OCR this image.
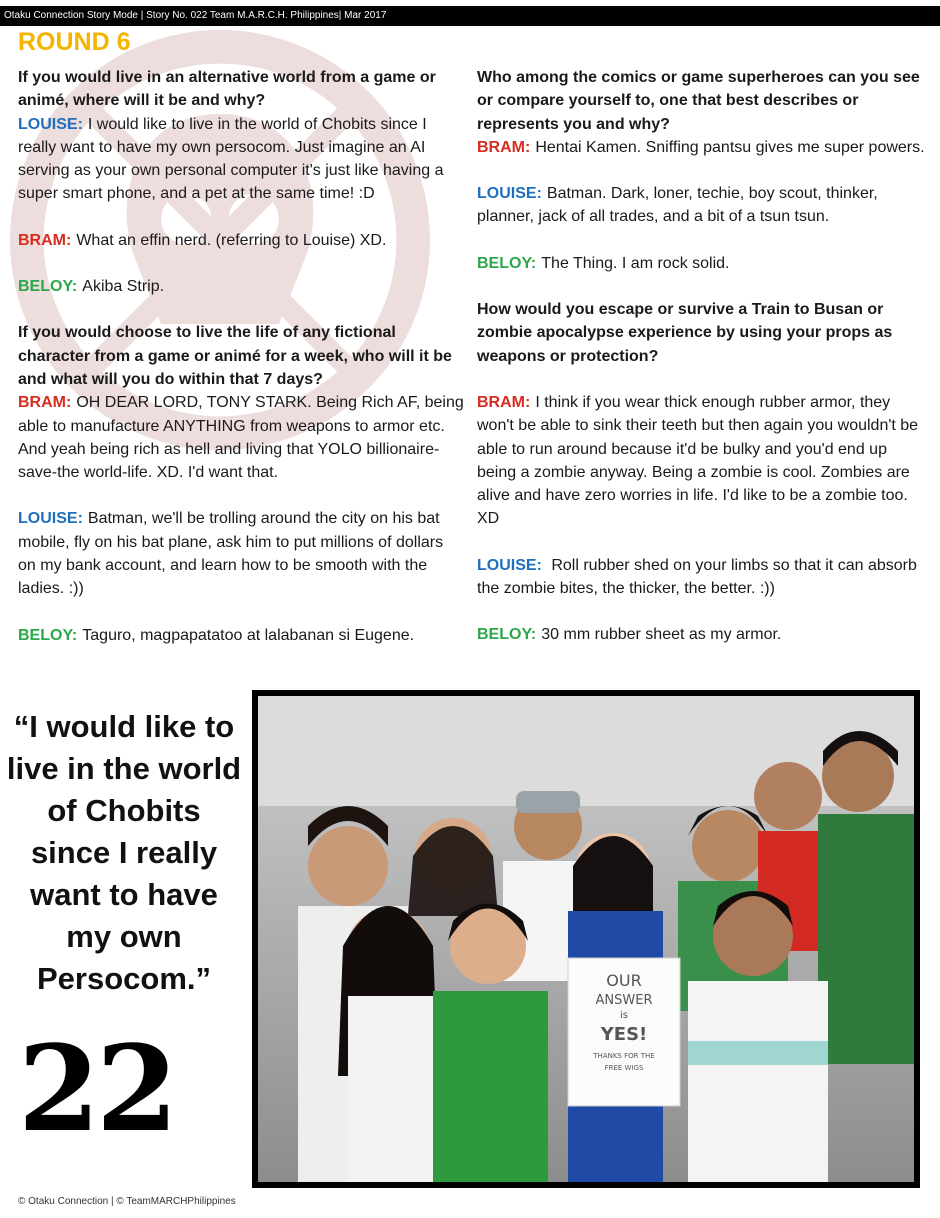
Otaku Connection Story Mode | Story No. 022 Team M.A.R.C.H. Philippines| Mar 2017
ROUND 6

If you would live in an alternative world from a game or animé, where will it be and why?

LOUISE: I would like to live in the world of Chobits since I really want to have my own persocom. Just imagine an AI serving as your own personal computer it's just like having a super smart phone, and a pet at the same time! :D

BRAM: What an effin nerd. (referring to Louise) XD.

BELOY: Akiba Strip.

If you would choose to live the life of any fictional character from a game or animé for a week, who will it be and what will you do within that 7 days?

BRAM: OH DEAR LORD, TONY STARK. Being Rich AF, being able to manufacture ANYTHING from weapons to armor etc. And yeah being rich as hell and living that YOLO billionaire-save-the world-life. XD. I'd want that.

LOUISE: Batman, we'll be trolling around the city on his bat mobile, fly on his bat plane, ask him to put millions of dollars on my bank account, and learn how to be smooth with the ladies. :))

BELOY: Taguro, magpapatatoo at lalabanan si Eugene.

Who among the comics or game superheroes can you see or compare yourself to, one that best describes or represents you and why?

BRAM: Hentai Kamen. Sniffing pantsu gives me super powers.

LOUISE: Batman. Dark, loner, techie, boy scout, thinker, planner, jack of all trades, and a bit of a tsun tsun.

BELOY: The Thing. I am rock solid.

How would you escape or survive a Train to Busan or zombie apocalypse experience by using your props as weapons or protection?

BRAM: I think if you wear thick enough rubber armor, they won't be able to sink their teeth but then again you wouldn't be able to run around because it'd be bulky and you'd end up being a zombie anyway. Being a zombie is cool. Zombies are alive and have zero worries in life. I'd like to be a zombie too. XD

LOUISE: Roll rubber shed on your limbs so that it can absorb the zombie bites, the thicker, the better. :))

BELOY: 30 mm rubber sheet as my armor.

“I would like to live in the world of Chobits since I really want to have my own Persocom.”
22
OUR
ANSWER
is
YES!
THANKS FOR THE
FREE WIGS
© Otaku Connection | © TeamMARCHPhilippines
